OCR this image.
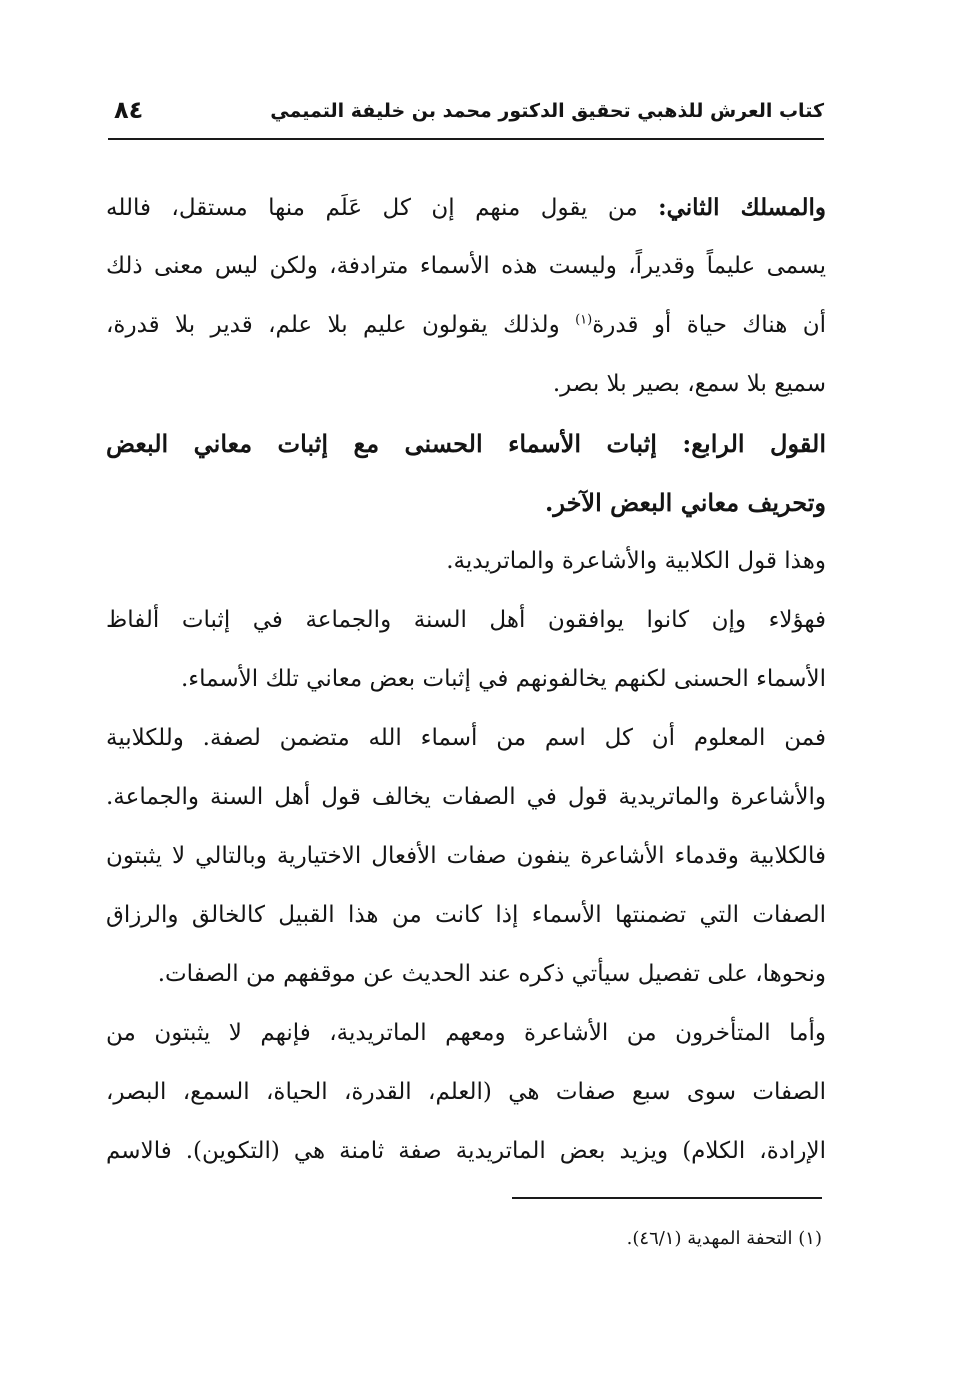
كتاب العرش للذهبي تحقيق الدكتور محمد بن خليفة التميمي
٨٤
والمسلك الثاني: من يقول منهم إن كل عَلَم منها مستقل، فالله
يسمى عليماً وقديراً، وليست هذه الأسماء مترادفة، ولكن ليس معنى ذلك
أن هناك حياة أو قدرة$^{(١)}$ ولذلك يقولون عليم بلا علم، قدير بلا قدرة،
سميع بلا سمع، بصير بلا بصر.
القول الرابع: إثبات الأسماء الحسنى مع إثبات معاني البعض
وتحريف معاني البعض الآخر.
وهذا قول الكلابية والأشاعرة والماتريدية.
فهؤلاء وإن كانوا يوافقون أهل السنة والجماعة في إثبات ألفاظ
الأسماء الحسنى لكنهم يخالفونهم في إثبات بعض معاني تلك الأسماء.
فمن المعلوم أن كل اسم من أسماء الله متضمن لصفة. وللكلابية
والأشاعرة والماتريدية قول في الصفات يخالف قول أهل السنة والجماعة.
فالكلابية وقدماء الأشاعرة ينفون صفات الأفعال الاختيارية وبالتالي لا يثبتون
الصفات التي تضمنتها الأسماء إذا كانت من هذا القبيل كالخالق والرزاق
ونحوها، على تفصيل سيأتي ذكره عند الحديث عن موقفهم من الصفات.
وأما المتأخرون من الأشاعرة ومعهم الماتريدية، فإنهم لا يثبتون من
الصفات سوى سبع صفات هي (العلم، القدرة، الحياة، السمع، البصر،
الإرادة، الكلام) ويزيد بعض الماتريدية صفة ثامنة هي (التكوين). فالاسم
(١) التحفة المهدية (٤٦/١).
